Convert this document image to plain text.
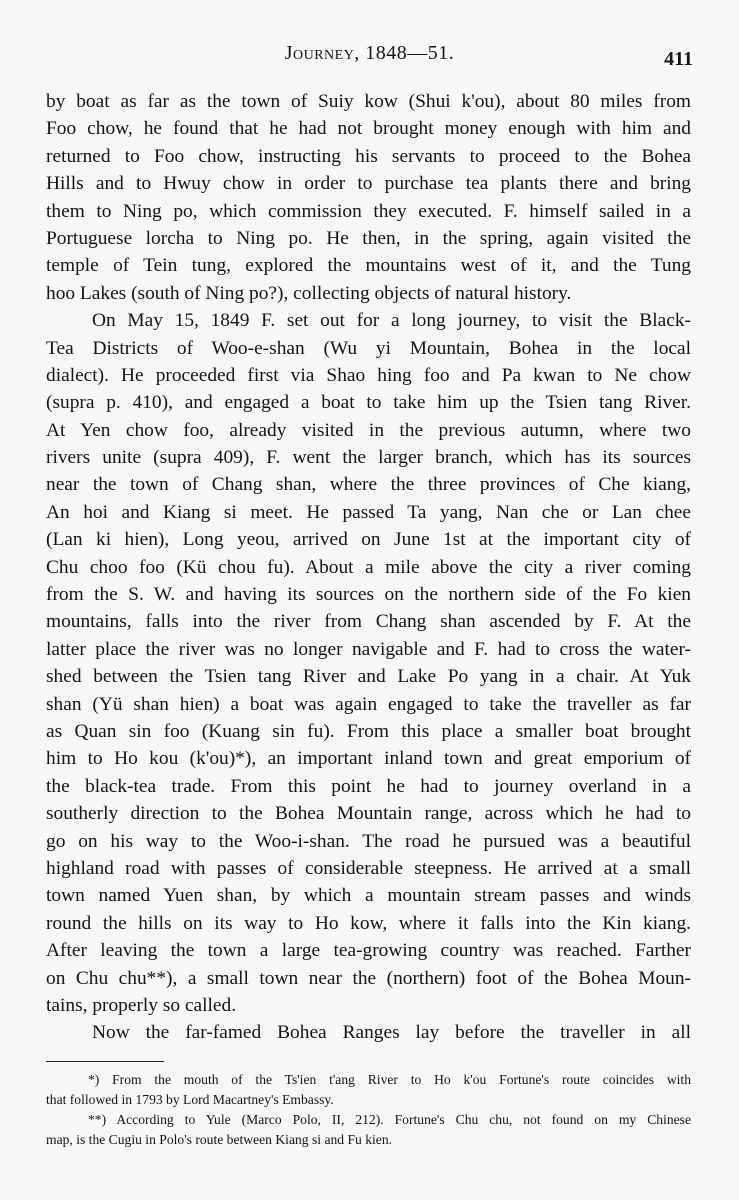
Journey, 1848—51.	411
by boat as far as the town of Suiy kow (Shui k'ou), about 80 miles from
Foo chow, he found that he had not brought money enough with him and
returned to Foo chow, instructing his servants to proceed to the Bohea
Hills and to Hwuy chow in order to purchase tea plants there and bring
them to Ning po, which commission they executed. F. himself sailed in a
Portuguese lorcha to Ning po. He then, in the spring, again visited the
temple of Tein tung, explored the mountains west of it, and the Tung
hoo Lakes (south of Ning po?), collecting objects of natural history.
On May 15, 1849 F. set out for a long journey, to visit the Black-
Tea Districts of Woo-e-shan (Wu yi Mountain, Bohea in the local
dialect). He proceeded first via Shao hing foo and Pa kwan to Ne chow
(supra p. 410), and engaged a boat to take him up the Tsien tang River.
At Yen chow foo, already visited in the previous autumn, where two
rivers unite (supra 409), F. went the larger branch, which has its sources
near the town of Chang shan, where the three provinces of Che kiang,
An hoi and Kiang si meet. He passed Ta yang, Nan che or Lan chee
(Lan ki hien), Long yeou, arrived on June 1st at the important city of
Chu choo foo (Kü chou fu). About a mile above the city a river coming
from the S. W. and having its sources on the northern side of the Fo kien
mountains, falls into the river from Chang shan ascended by F. At the
latter place the river was no longer navigable and F. had to cross the water-
shed between the Tsien tang River and Lake Po yang in a chair. At Yuk
shan (Yü shan hien) a boat was again engaged to take the traveller as far
as Quan sin foo (Kuang sin fu). From this place a smaller boat brought
him to Ho kou (k'ou)*), an important inland town and great emporium of
the black-tea trade. From this point he had to journey overland in a
southerly direction to the Bohea Mountain range, across which he had to
go on his way to the Woo-i-shan. The road he pursued was a beautiful
highland road with passes of considerable steepness. He arrived at a small
town named Yuen shan, by which a mountain stream passes and winds
round the hills on its way to Ho kow, where it falls into the Kin kiang.
After leaving the town a large tea-growing country was reached. Farther
on Chu chu**), a small town near the (northern) foot of the Bohea Moun-
tains, properly so called.
Now the far-famed Bohea Ranges lay before the traveller in all
*) From the mouth of the Ts'ien t'ang River to Ho k'ou Fortune's route coincides with
that followed in 1793 by Lord Macartney's Embassy.
**) According to Yule (Marco Polo, II, 212). Fortune's Chu chu, not found on my Chinese
map, is the Cugiu in Polo's route between Kiang si and Fu kien.
